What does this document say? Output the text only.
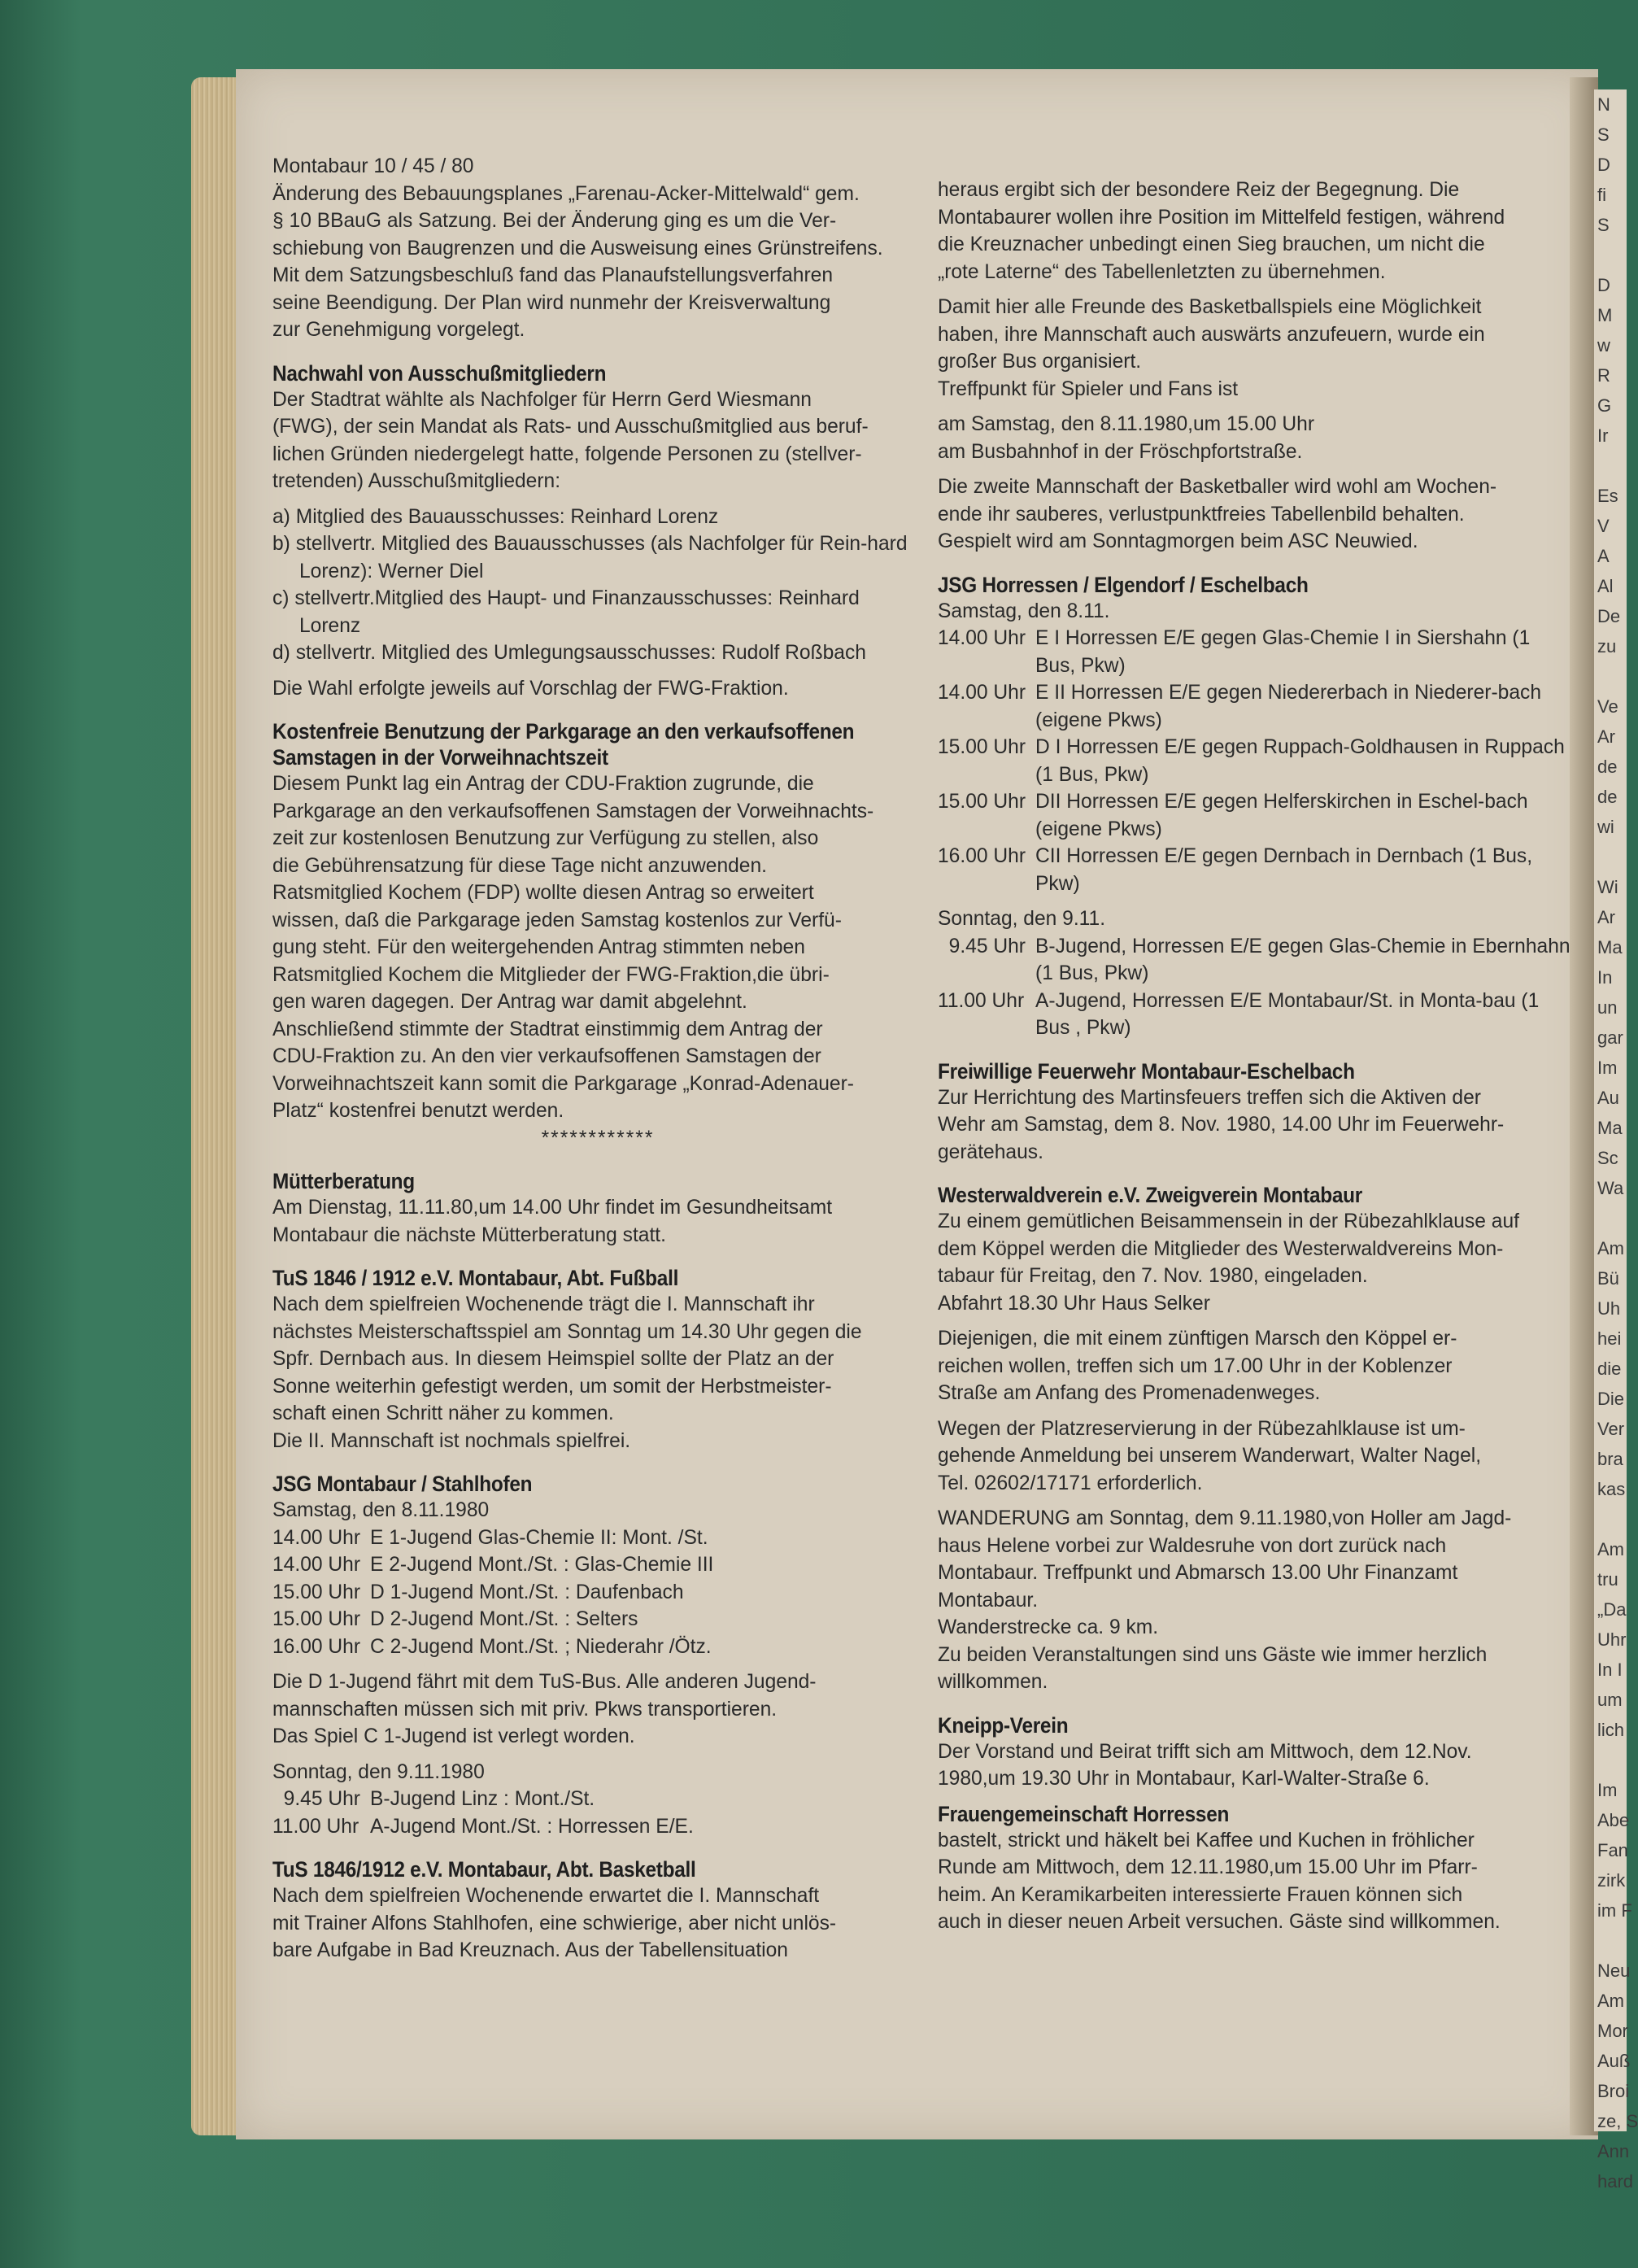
N
S
D
fi
S
D
M
w
R
G
Ir
Es
V
A
Al
De
zu
Ve
Ar
de
de
wi
Wi
Ar
Ma
In
un
gar
Im
Au
Ma
Sc
Wa
Am
Bü
Uh
hei
die
Die
Ver
bra
kas
Am
tru
„Da
Uhr
In I
um
lich
Im
Abe
Fan
zirk
im F
Neu
Am
Mor
Auß
Broi
ze, S
Ann
hard

Montabaur 10 / 45 / 80

Änderung des Bebauungsplanes „Farenau-Acker-Mittelwald“ gem.

§ 10 BBauG als Satzung. Bei der Änderung ging es um die Ver-

schiebung von Baugrenzen und die Ausweisung eines Grünstreifens.

Mit dem Satzungsbeschluß fand das Planaufstellungsverfahren

seine Beendigung. Der Plan wird nunmehr der Kreisverwaltung

zur Genehmigung vorgelegt.

Nachwahl von Ausschußmitgliedern

Der Stadtrat wählte als Nachfolger für Herrn Gerd Wiesmann

(FWG), der sein Mandat als Rats- und Ausschußmitglied aus beruf-

lichen Gründen niedergelegt hatte, folgende Personen zu (stellver-

tretenden) Ausschußmitgliedern:

a) Mitglied des Bauausschusses: Reinhard Lorenz

b) stellvertr. Mitglied des Bauausschusses (als Nachfolger für Rein-hard Lorenz): Werner Diel

c) stellvertr.Mitglied des Haupt- und Finanzausschusses: Reinhard Lorenz

d) stellvertr. Mitglied des Umlegungsausschusses: Rudolf Roßbach

Die Wahl erfolgte jeweils auf Vorschlag der FWG-Fraktion.

Kostenfreie Benutzung der Parkgarage an den verkaufsoffenen
Samstagen in der Vorweihnachtszeit

Diesem Punkt lag ein Antrag der CDU-Fraktion zugrunde, die

Parkgarage an den verkaufsoffenen Samstagen der Vorweihnachts-

zeit zur kostenlosen Benutzung zur Verfügung zu stellen, also

die Gebührensatzung für diese Tage nicht anzuwenden.

Ratsmitglied Kochem (FDP) wollte diesen Antrag so erweitert

wissen, daß die Parkgarage jeden Samstag kostenlos zur Verfü-

gung steht. Für den weitergehenden Antrag stimmten neben

Ratsmitglied Kochem die Mitglieder der FWG-Fraktion,die übri-

gen waren dagegen. Der Antrag war damit abgelehnt.

Anschließend stimmte der Stadtrat einstimmig dem Antrag der

CDU-Fraktion zu. An den vier verkaufsoffenen Samstagen der

Vorweihnachtszeit kann somit die Parkgarage „Konrad-Adenauer-

Platz“ kostenfrei benutzt werden.

************

Mütterberatung

Am Dienstag, 11.11.80,um 14.00 Uhr findet im Gesundheitsamt

Montabaur die nächste Mütterberatung statt.

TuS 1846 / 1912 e.V. Montabaur, Abt. Fußball

Nach dem spielfreien Wochenende trägt die I. Mannschaft ihr

nächstes Meisterschaftsspiel am Sonntag um 14.30 Uhr gegen die

Spfr. Dernbach aus. In diesem Heimspiel sollte der Platz an der

Sonne weiterhin gefestigt werden, um somit der Herbstmeister-

schaft einen Schritt näher zu kommen.

Die II. Mannschaft ist nochmals spielfrei.

JSG Montabaur / Stahlhofen

Samstag, den 8.11.1980

14.00 Uhr E 1-Jugend Glas-Chemie II: Mont. /St.
14.00 Uhr E 2-Jugend Mont./St. : Glas-Chemie III
15.00 Uhr D 1-Jugend Mont./St. : Daufenbach
15.00 Uhr D 2-Jugend Mont./St. : Selters
16.00 Uhr C 2-Jugend Mont./St. ; Niederahr /Ötz.

Die D 1-Jugend fährt mit dem TuS-Bus. Alle anderen Jugend-

mannschaften müssen sich mit priv. Pkws transportieren.

Das Spiel C 1-Jugend ist verlegt worden.

Sonntag, den 9.11.1980

9.45 Uhr B-Jugend Linz : Mont./St.
11.00 Uhr A-Jugend Mont./St. : Horressen E/E.
TuS 1846/1912 e.V. Montabaur, Abt. Basketball

Nach dem spielfreien Wochenende erwartet die I. Mannschaft

mit Trainer Alfons Stahlhofen, eine schwierige, aber nicht unlös-

bare Aufgabe in Bad Kreuznach. Aus der Tabellensituation

heraus ergibt sich der besondere Reiz der Begegnung. Die

Montabaurer wollen ihre Position im Mittelfeld festigen, während

die Kreuznacher unbedingt einen Sieg brauchen, um nicht die

„rote Laterne“ des Tabellenletzten zu übernehmen.

Damit hier alle Freunde des Basketballspiels eine Möglichkeit

haben, ihre Mannschaft auch auswärts anzufeuern, wurde ein

großer Bus organisiert.

Treffpunkt für Spieler und Fans ist

am Samstag, den 8.11.1980,um 15.00 Uhr

am Busbahnhof in der Fröschpfortstraße.

Die zweite Mannschaft der Basketballer wird wohl am Wochen-

ende ihr sauberes, verlustpunktfreies Tabellenbild behalten.

Gespielt wird am Sonntagmorgen beim ASC Neuwied.

JSG Horressen / Elgendorf / Eschelbach

Samstag, den 8.11.

14.00 Uhr E I Horressen E/E gegen Glas-Chemie I in Siershahn (1 Bus, Pkw)
14.00 Uhr E II Horressen E/E gegen Niedererbach in Niederer-bach (eigene Pkws)
15.00 Uhr D I Horressen E/E gegen Ruppach-Goldhausen in Ruppach (1 Bus, Pkw)
15.00 Uhr DII Horressen E/E gegen Helferskirchen in Eschel-bach (eigene Pkws)
16.00 Uhr CII Horressen E/E gegen Dernbach in Dernbach (1 Bus, Pkw)

Sonntag, den 9.11.

9.45 Uhr B-Jugend, Horressen E/E gegen Glas-Chemie in Ebernhahn (1 Bus, Pkw)
11.00 Uhr A-Jugend, Horressen E/E Montabaur/St. in Monta-bau (1 Bus , Pkw)
Freiwillige Feuerwehr Montabaur-Eschelbach

Zur Herrichtung des Martinsfeuers treffen sich die Aktiven der

Wehr am Samstag, dem 8. Nov. 1980, 14.00 Uhr im Feuerwehr-

gerätehaus.

Westerwaldverein e.V. Zweigverein Montabaur

Zu einem gemütlichen Beisammensein in der Rübezahlklause auf

dem Köppel werden die Mitglieder des Westerwaldvereins Mon-

tabaur für Freitag, den 7. Nov. 1980, eingeladen.

Abfahrt 18.30 Uhr Haus Selker

Diejenigen, die mit einem zünftigen Marsch den Köppel er-

reichen wollen, treffen sich um 17.00 Uhr in der Koblenzer

Straße am Anfang des Promenadenweges.

Wegen der Platzreservierung in der Rübezahlklause ist um-

gehende Anmeldung bei unserem Wanderwart, Walter Nagel,

Tel. 02602/17171 erforderlich.

WANDERUNG am Sonntag, dem 9.11.1980,von Holler am Jagd-

haus Helene vorbei zur Waldesruhe von dort zurück nach

Montabaur. Treffpunkt und Abmarsch 13.00 Uhr Finanzamt

Montabaur.

Wanderstrecke ca. 9 km.

Zu beiden Veranstaltungen sind uns Gäste wie immer herzlich

willkommen.

Kneipp-Verein

Der Vorstand und Beirat trifft sich am Mittwoch, dem 12.Nov.

1980,um 19.30 Uhr in Montabaur, Karl-Walter-Straße 6.

Frauengemeinschaft Horressen

bastelt, strickt und häkelt bei Kaffee und Kuchen in fröhlicher

Runde am Mittwoch, dem 12.11.1980,um 15.00 Uhr im Pfarr-

heim. An Keramikarbeiten interessierte Frauen können sich

auch in dieser neuen Arbeit versuchen. Gäste sind willkommen.
